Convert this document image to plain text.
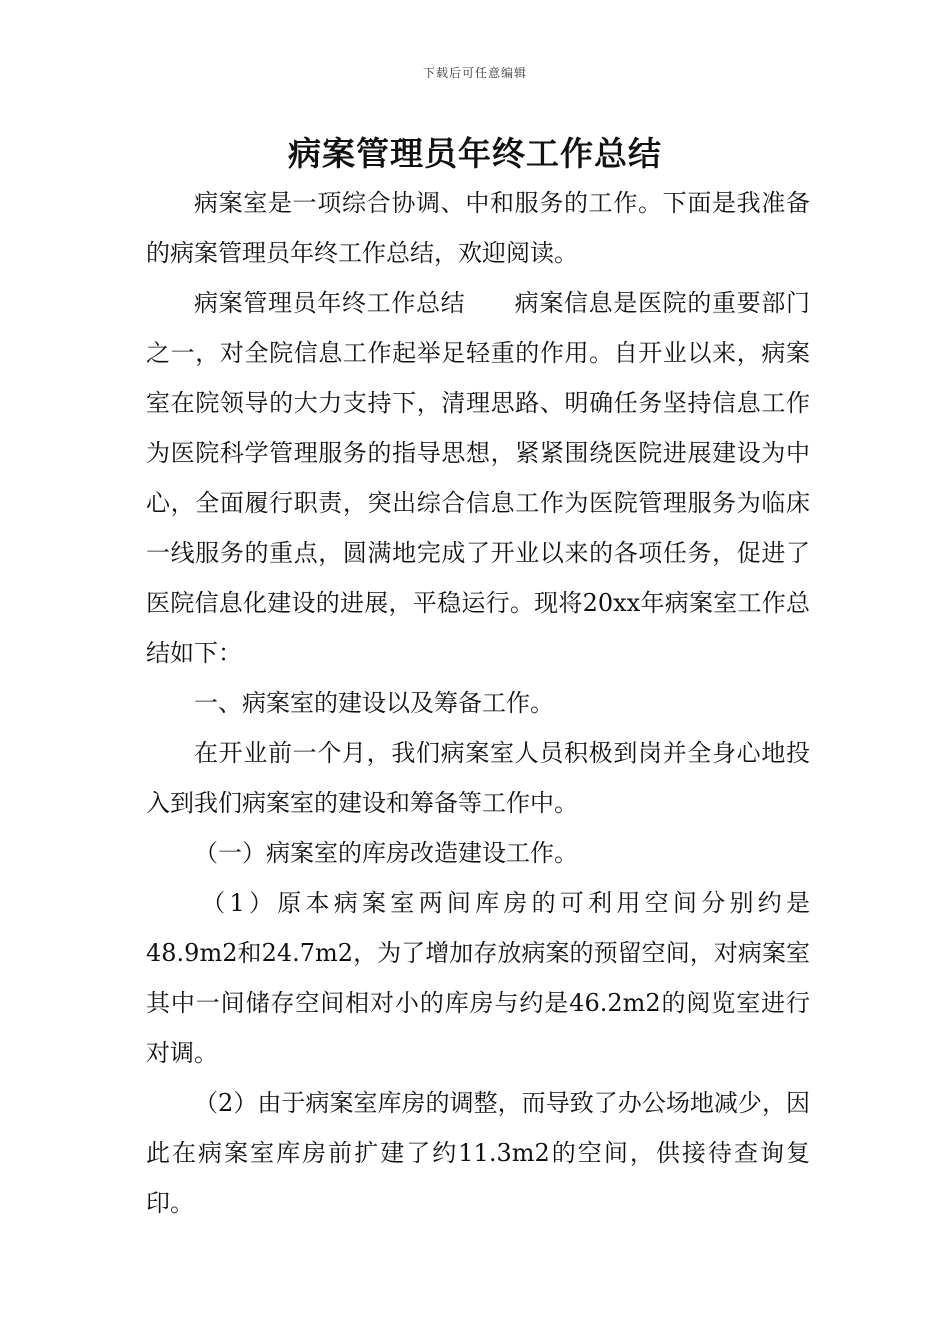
下载后可任意编辑
病案管理员年终工作总结

病案室是一项综合协调、中和服务的工作。下面是我准备的病案管理员年终工作总结，欢迎阅读。

病案管理员年终工作总结　　病案信息是医院的重要部门之一，对全院信息工作起举足轻重的作用。自开业以来，病案室在院领导的大力支持下，清理思路、明确任务坚持信息工作为医院科学管理服务的指导思想，紧紧围绕医院进展建设为中心，全面履行职责，突出综合信息工作为医院管理服务为临床一线服务的重点，圆满地完成了开业以来的各项任务，促进了医院信息化建设的进展，平稳运行。现将20xx年病案室工作总结如下：

一、病案室的建设以及筹备工作。

在开业前一个月，我们病案室人员积极到岗并全身心地投入到我们病案室的建设和筹备等工作中。

（一）病案室的库房改造建设工作。

（1）原本病案室两间库房的可利用空间分别约是48.9m2和24.7m2，为了增加存放病案的预留空间，对病案室其中一间储存空间相对小的库房与约是46.2m2的阅览室进行对调。

（2）由于病案室库房的调整，而导致了办公场地减少，因此在病案室库房前扩建了约11.3m2的空间，供接待查询复印。
